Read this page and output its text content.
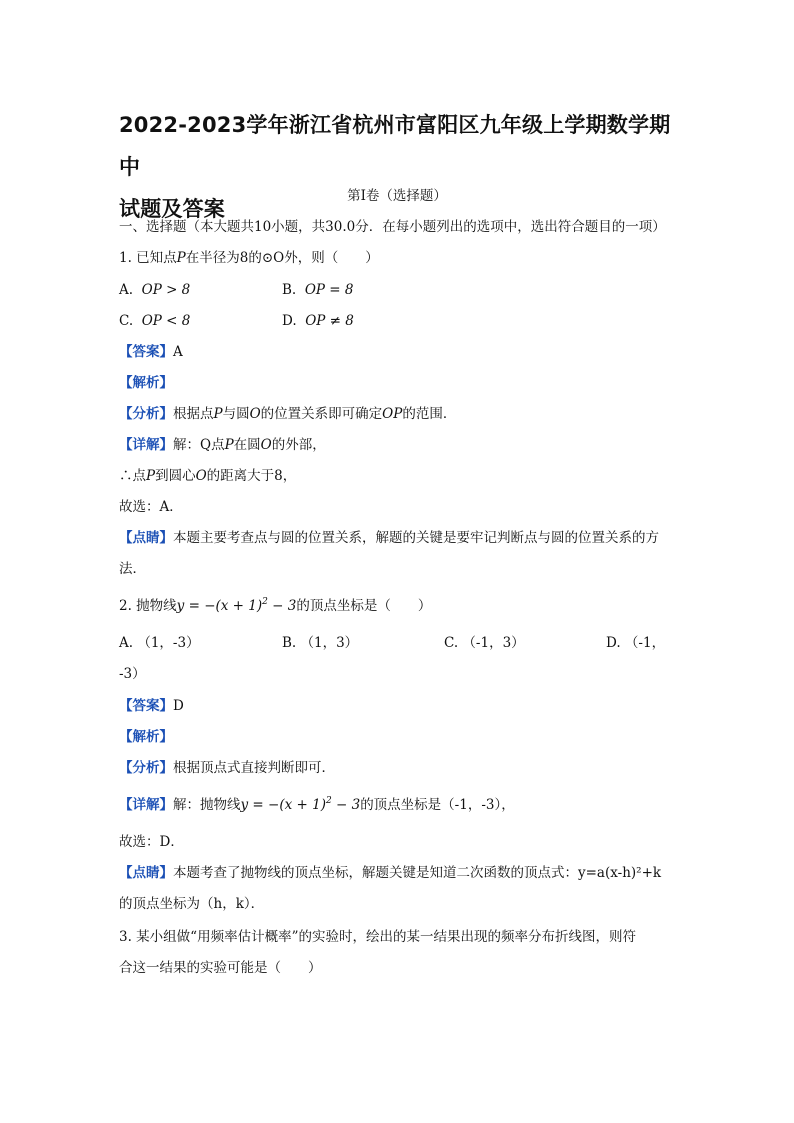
2022-2023学年浙江省杭州市富阳区九年级上学期数学期中
试题及答案
第I卷（选择题）
一、选择题（本大题共10小题，共30.0分．在每小题列出的选项中，选出符合题目的一项）
1. 已知点P在半径为8的⊙O外，则（　　）
A. OP > 8	B. OP = 8
C. OP < 8	D. OP ≠ 8
【答案】A
【解析】
【分析】根据点P与圆O的位置关系即可确定OP的范围．
【详解】解：Q点P在圆O的外部，
∴点P到圆心O的距离大于8，
故选：A．
【点睛】本题主要考查点与圆的位置关系，解题的关键是要牢记判断点与圆的位置关系的方
法．
2. 抛物线$y = -(x + 1)^2 - 3$的顶点坐标是（　　）
A. （1，-3）	B. （1，3）	C. （-1，3）	D. （-1，
-3）
【答案】D
【解析】
【分析】根据顶点式直接判断即可．
【详解】解：抛物线$y = -(x + 1)^2 - 3$的顶点坐标是（-1，-3），
故选：D．
【点睛】本题考查了抛物线的顶点坐标，解题关键是知道二次函数的顶点式：y=a(x-h)²+k
的顶点坐标为（h，k）．
3. 某小组做“用频率估计概率”的实验时，绘出的某一结果出现的频率分布折线图，则符
合这一结果的实验可能是（　　）
